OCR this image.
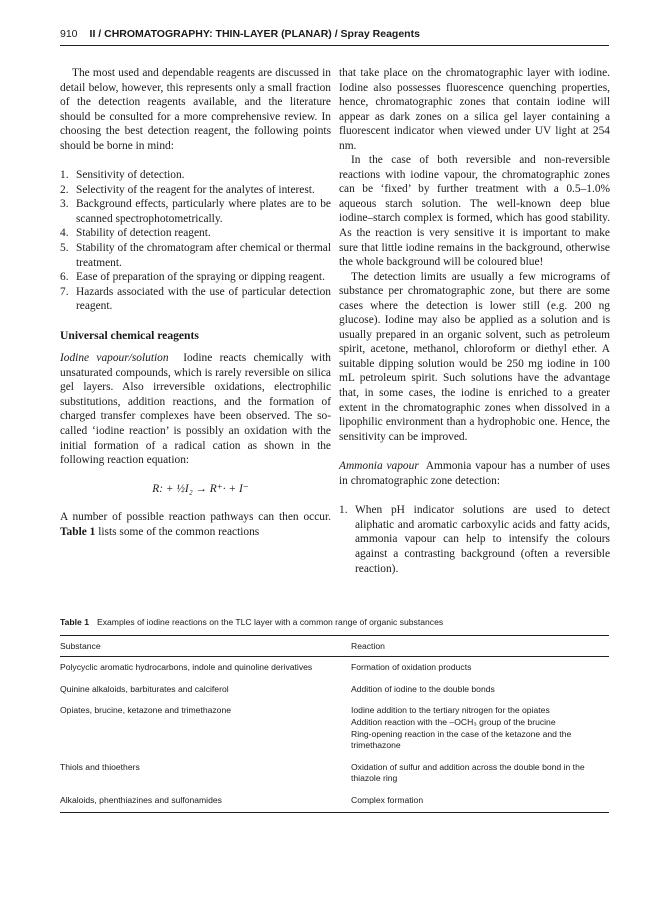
910 II / CHROMATOGRAPHY: THIN-LAYER (PLANAR) / Spray Reagents

The most used and dependable reagents are discussed in detail below, however, this represents only a small fraction of the detection reagents available, and the literature should be consulted for a more comprehensive review. In choosing the best detection reagent, the following points should be borne in mind:

1. Sensitivity of detection.
2. Selectivity of the reagent for the analytes of interest.
3. Background effects, particularly where plates are to be scanned spectrophotometrically.
4. Stability of detection reagent.
5. Stability of the chromatogram after chemical or thermal treatment.
6. Ease of preparation of the spraying or dipping reagent.
7. Hazards associated with the use of particular detection reagent.
Universal chemical reagents

Iodine vapour/solution Iodine reacts chemically with unsaturated compounds, which is rarely reversible on silica gel layers. Also irreversible oxidations, electrophilic substitutions, addition reactions, and the formation of charged transfer complexes have been observed. The so-called ‘iodine reaction’ is possibly an oxidation with the initial formation of a radical cation as shown in the following reaction equation:

R: + ½I₂ → R⁺· + I⁻

A number of possible reaction pathways can then occur. Table 1 lists some of the common reactions

that take place on the chromatographic layer with iodine. Iodine also possesses fluorescence quenching properties, hence, chromatographic zones that contain iodine will appear as dark zones on a silica gel layer containing a fluorescent indicator when viewed under UV light at 254 nm.

In the case of both reversible and non-reversible reactions with iodine vapour, the chromatographic zones can be ‘fixed’ by further treatment with a 0.5–1.0% aqueous starch solution. The well-known deep blue iodine–starch complex is formed, which has good stability. As the reaction is very sensitive it is important to make sure that little iodine remains in the background, otherwise the whole background will be coloured blue!

The detection limits are usually a few micrograms of substance per chromatographic zone, but there are some cases where the detection is lower still (e.g. 200 ng glucose). Iodine may also be applied as a solution and is usually prepared in an organic solvent, such as petroleum spirit, acetone, methanol, chloroform or diethyl ether. A suitable dipping solution would be 250 mg iodine in 100 mL petroleum spirit. Such solutions have the advantage that, in some cases, the iodine is enriched to a greater extent in the chromatographic zones when dissolved in a lipophilic environment than a hydrophobic one. Hence, the sensitivity can be improved.

Ammonia vapour Ammonia vapour has a number of uses in chromatographic zone detection:

1. When pH indicator solutions are used to detect aliphatic and aromatic carboxylic acids and fatty acids, ammonia vapour can help to intensify the colours against a contrasting background (often a reversible reaction).

Table 1 Examples of iodine reactions on the TLC layer with a common range of organic substances

Substance	Reaction
Polycyclic aromatic hydrocarbons, indole and quinoline derivatives	Formation of oxidation products

Quinine alkaloids, barbiturates and calciferol	Addition of iodine to the double bonds

Opiates, brucine, ketazone and trimethazone	Iodine addition to the tertiary nitrogen for the opiates
Addition reaction with the –OCH₃ group of the brucine
Ring-opening reaction in the case of the ketazone and the trimethazone

Thiols and thioethers	Oxidation of sulfur and addition across the double bond in the thiazole ring

Alkaloids, phenthiazines and sulfonamides	Complex formation
